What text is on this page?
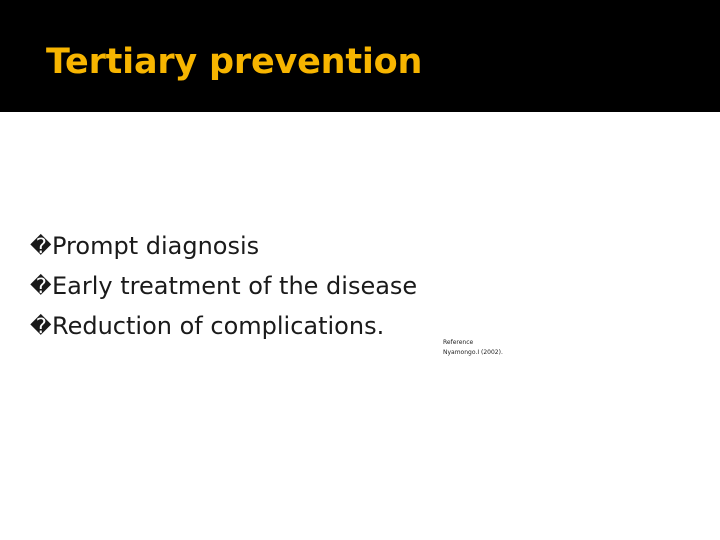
Tertiary prevention
� Prompt diagnosis
� Early treatment of the disease
� Reduction of complications.
Reference
Nyamongo.I (2002).
